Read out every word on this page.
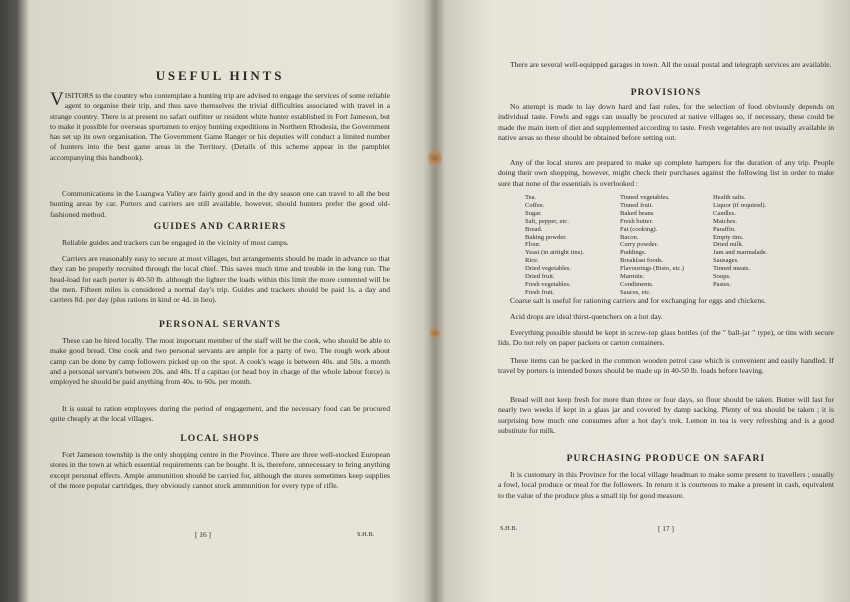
USEFUL HINTS

VISITORS to the country who contemplate a hunting trip are advised to engage the services of some reliable agent to organise their trip, and thus save themselves the trivial difficulties associated with travel in a strange country. There is at present no safari outfitter or resident white hunter established in Fort Jameson, but to make it possible for overseas sportsmen to enjoy hunting expeditions in Northern Rhodesia, the Government has set up its own organisation. The Government Game Ranger or his deputies will conduct a limited number of hunters into the best game areas in the Territory. (Details of this scheme appear in the pamphlet accompanying this handbook).

Communications in the Luangwa Valley are fairly good and in the dry season one can travel to all the best hunting areas by car. Porters and carriers are still available, however, should hunters prefer the good old-fashioned method.

GUIDES AND CARRIERS

Reliable guides and trackers can be engaged in the vicinity of most camps.

Carriers are reasonably easy to secure at most villages, but arrangements should be made in advance so that they can be properly recruited through the local chief. This saves much time and trouble in the long run. The head-load for each porter is 40-50 lb. although the lighter the loads within this limit the more contented will be the men. Fifteen miles is considered a normal day's trip. Guides and trackers should be paid 1s. a day and carriers 8d. per day (plus rations in kind or 4d. in lieu).

PERSONAL SERVANTS

These can be hired locally. The most important member of the staff will be the cook, who should be able to make good bread. One cook and two personal servants are ample for a party of two. The rough work about camp can be done by camp followers picked up on the spot. A cook's wage is between 40s. and 50s. a month and a personal servant's between 20s. and 40s. If a capitao (or head boy in charge of the whole labour force) is employed he should be paid anything from 40s. to 60s. per month.

It is usual to ration employees during the period of engagement, and the necessary food can be procured quite cheaply at the local villages.

LOCAL SHOPS

Fort Jameson township is the only shopping centre in the Province. There are three well-stocked European stores in the town at which essential requirements can be bought. It is, therefore, unnecessary to bring anything except personal effects. Ample ammunition should be carried for, although the stores sometimes keep supplies of the more popular cartridges, they obviously cannot stock ammunition for every type of rifle.

[ 16 ]	S.H.B.

There are several well-equipped garages in town. All the usual postal and telegraph services are available.

PROVISIONS

No attempt is made to lay down hard and fast rules, for the selection of food obviously depends on individual taste. Fowls and eggs can usually be procured at native villages so, if necessary, these could be made the main item of diet and supplemented according to taste. Fresh vegetables are not usually available in native areas so these should be obtained before setting out.

Any of the local stores are prepared to make up complete hampers for the duration of any trip. People doing their own shopping, however, might check their purchases against the following list in order to make sure that none of the essentials is overlooked :

Tea.
Coffee.
Sugar.
Salt, pepper, etc.
Bread.
Baking powder.
Flour.
Yeast (in airtight tins).
Rice.
Dried vegetables.
Dried fruit.
Fresh vegetables.
Fresh fruit.
Tinned vegetables.
Tinned fruit.
Baked beans
Fresh butter.
Fat (cooking).
Bacon.
Curry powder.
Puddings.
Breakfast foods.
Flavourings (Bisto, etc.)
Marmite.
Condiments.
Sauces, etc.
Health salts.
Liquor (if required).
Candles.
Matches.
Paraffin.
Empty tins.
Dried milk.
Jam and marmalade.
Sausages.
Tinned meats.
Soups.
Pastes.

Coarse salt is useful for rationing carriers and for exchanging for eggs and chickens.

Acid drops are ideal thirst-quenchers on a hot day.

Everything possible should be kept in screw-top glass bottles (of the " ball-jar " type), or tins with secure lids. Do not rely on paper packets or carton containers.

These items can be packed in the common wooden petrol case which is convenient and easily handled. If travel by porters is intended boxes should be made up in 40-50 lb. loads before leaving.

Bread will not keep fresh for more than three or four days, so flour should be taken. Butter will last for nearly two weeks if kept in a glass jar and covered by damp sacking. Plenty of tea should be taken ; it is surprising how much one consumes after a hot day's trek. Lemon in tea is very refreshing and is a good substitute for milk.

PURCHASING PRODUCE ON SAFARI

It is customary in this Province for the local village headman to make some present to travellers ; usually a fowl, local produce or meal for the followers. In return it is courteous to make a present in cash, equivalent to the value of the produce plus a small tip for good measure.

S.H.B.	[ 17 ]
